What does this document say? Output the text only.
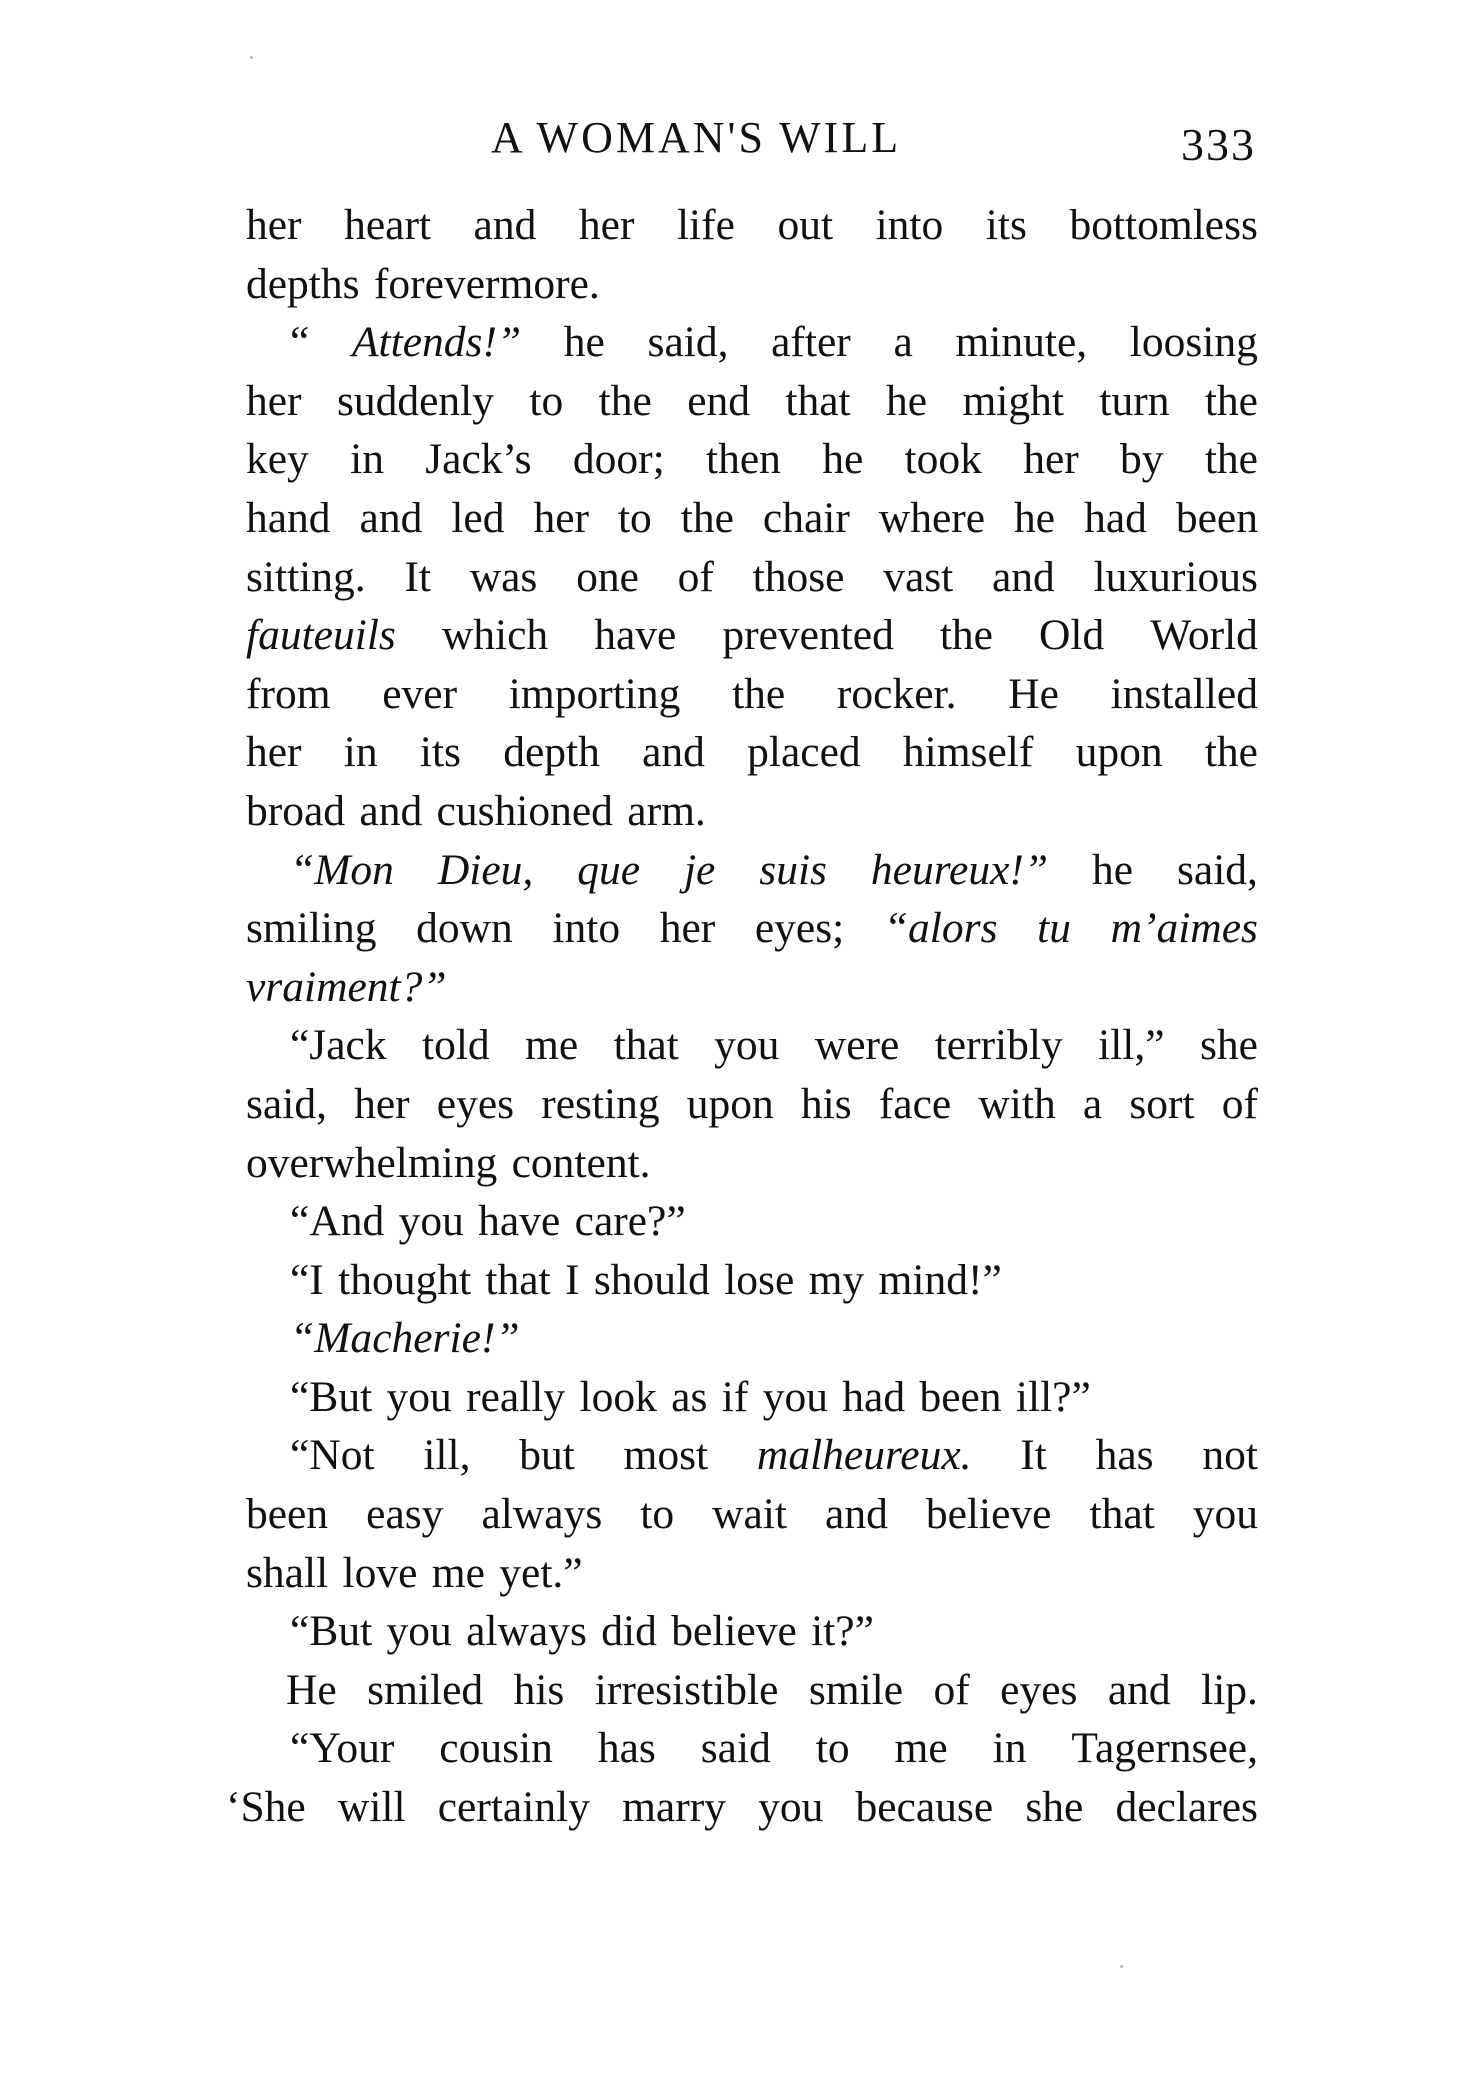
A WOMAN'S WILL	333
her heart and her life out into its bottomless
depths forevermore.
“ Attends!” he said, after a minute, loosing
her suddenly to the end that he might turn the
key in Jack’s door; then he took her by the
hand and led her to the chair where he had been
sitting. It was one of those vast and luxurious
fauteuils which have prevented the Old World
from ever importing the rocker. He installed
her in its depth and placed himself upon the
broad and cushioned arm.
“Mon Dieu, que je suis heureux!” he said,
smiling down into her eyes; “alors tu m’aimes
vraiment?”
“Jack told me that you were terribly ill,” she
said, her eyes resting upon his face with a sort of
overwhelming content.
“And you have care?”
“I thought that I should lose my mind!”
“Ma cherie!”
“But you really look as if you had been ill?”
“Not ill, but most malheureux. It has not
been easy always to wait and believe that you
shall love me yet.”
“But you always did believe it?”
He smiled his irresistible smile of eyes and lip.
“Your cousin has said to me in Tagernsee,
‘She will certainly marry you because she declares
